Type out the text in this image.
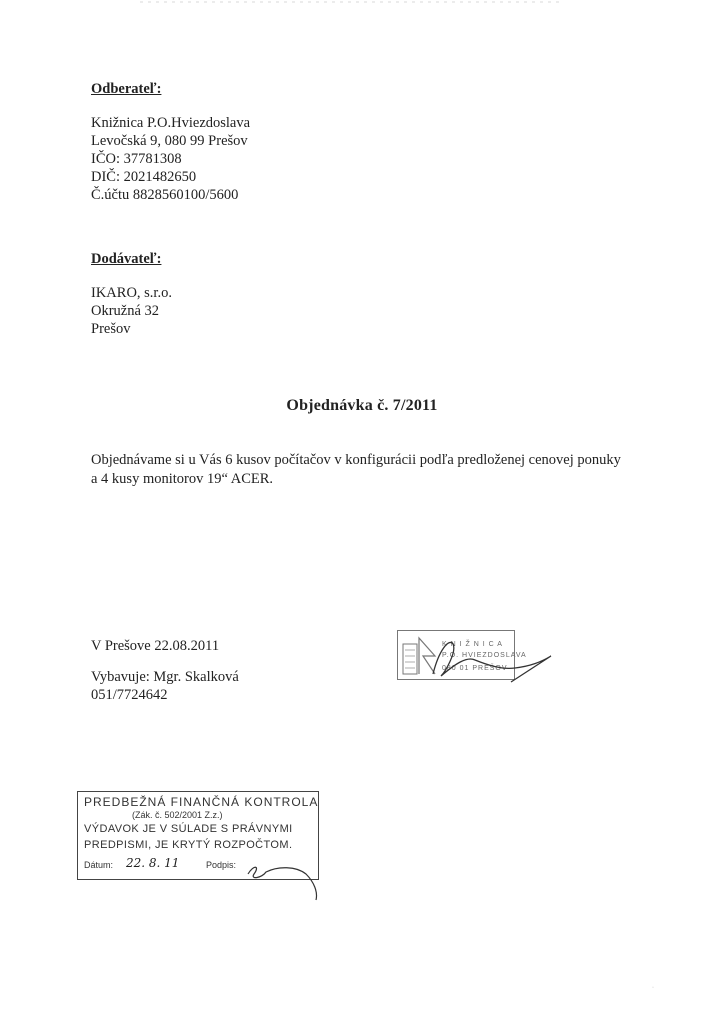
Odberateľ:
Knižnica P.O.Hviezdoslava
Levočská 9, 080 99 Prešov
IČO: 37781308
DIČ: 2021482650
Č.účtu 8828560100/5600
Dodávateľ:
IKARO, s.r.o.
Okružná 32
Prešov
Objednávka č. 7/2011
Objednávame si u Vás 6 kusov počítačov v konfigurácii podľa predloženej cenovej ponuky
a 4 kusy monitorov 19“ ACER.
V Prešove 22.08.2011
Vybavuje: Mgr. Skalková
051/7724642
K N I Ž N I C A
P.O. HVIEZDOSLAVA
080 01 PREŠOV
PREDBEŽNÁ FINANČNÁ KONTROLA
(Zák. č. 502/2001 Z.z.)
VÝDAVOK JE V SÚLADE S PRÁVNYMI
PREDPISMI, JE KRYTÝ ROZPOČTOM.
Dátum: 22. 8. 11	Podpis:
·
